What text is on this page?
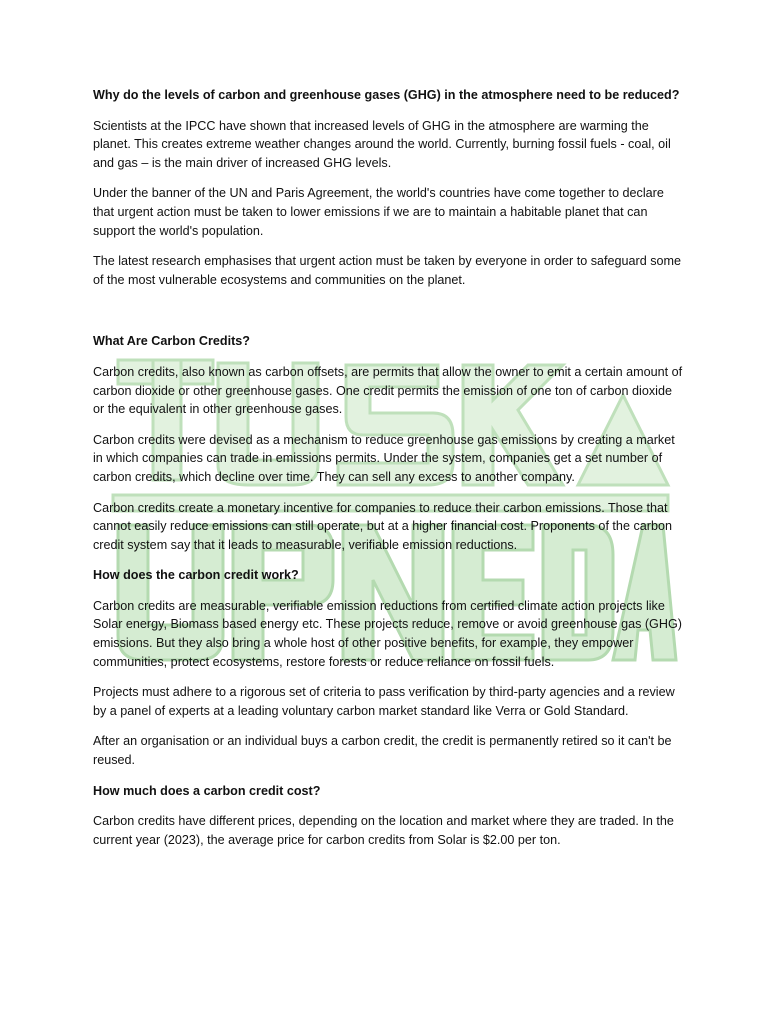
Why do the levels of carbon and greenhouse gases (GHG) in the atmosphere need to be reduced?

Scientists at the IPCC have shown that increased levels of GHG in the atmosphere are warming the planet. This creates extreme weather changes around the world. Currently, burning fossil fuels - coal, oil and gas – is the main driver of increased GHG levels.

Under the banner of the UN and Paris Agreement, the world's countries have come together to declare that urgent action must be taken to lower emissions if we are to maintain a habitable planet that can support the world's population.

The latest research emphasises that urgent action must be taken by everyone in order to safeguard some of the most vulnerable ecosystems and communities on the planet.

What Are Carbon Credits?

Carbon credits, also known as carbon offsets, are permits that allow the owner to emit a certain amount of carbon dioxide or other greenhouse gases. One credit permits the emission of one ton of carbon dioxide or the equivalent in other greenhouse gases.

Carbon credits were devised as a mechanism to reduce greenhouse gas emissions by creating a market in which companies can trade in emissions permits. Under the system, companies get a set number of carbon credits, which decline over time. They can sell any excess to another company.

Carbon credits create a monetary incentive for companies to reduce their carbon emissions. Those that cannot easily reduce emissions can still operate, but at a higher financial cost. Proponents of the carbon credit system say that it leads to measurable, verifiable emission reductions.

How does the carbon credit work?

Carbon credits are measurable, verifiable emission reductions from certified climate action projects like Solar energy, Biomass based energy etc. These projects reduce, remove or avoid greenhouse gas (GHG) emissions. But they also bring a whole host of other positive benefits, for example, they empower communities, protect ecosystems, restore forests or reduce reliance on fossil fuels.

Projects must adhere to a rigorous set of criteria to pass verification by third-party agencies and a review by a panel of experts at a leading voluntary carbon market standard like Verra or Gold Standard.

After an organisation or an individual buys a carbon credit, the credit is permanently retired so it can't be reused.

How much does a carbon credit cost?

Carbon credits have different prices, depending on the location and market where they are traded. In the current year (2023), the average price for carbon credits from Solar is $2.00 per ton.
